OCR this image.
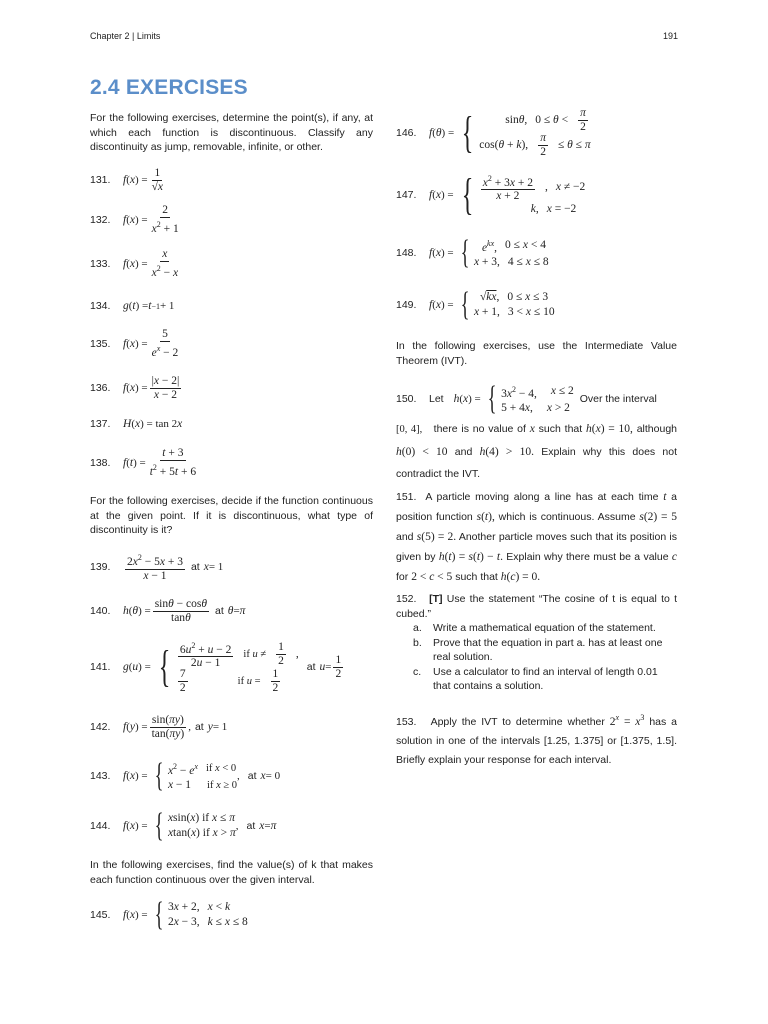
Chapter 2 | Limits	191
2.4 EXERCISES
For the following exercises, determine the point(s), if any, at which each function is discontinuous. Classify any discontinuity as jump, removable, infinite, or other.
131.	f ( x ) = $\frac{1}{√x}$
132.	f ( x ) = $\frac{2}{x^2 + 1}$
133.	f ( x ) = $\frac{x}{x^2 - x}$
134.	g ( t ) = t −1 + 1
135.	f ( x ) = $\frac{5}{e^x - 2}$
136.	f ( x ) = $\frac{|x - 2|}{x - 2}$
137.	H ( x ) = tan 2 x
138.	f ( t ) = $\frac{t + 3}{t^2 + 5t + 6}$
For the following exercises, decide if the function continuous at the given point. If it is discontinuous, what type of discontinuity is it?
139.	$\frac{2x^2 - 5x + 3}{x - 1}$ at x = 1
140.	h ( θ ) = $\frac{\sin\theta - \cos\theta}{\tan\theta}$ at θ = π
141.	g ( u ) = { $\frac{6u^2 + u - 2}{2u - 1}$ if $u \ne \frac{1}{2}$ ,
$\frac{7}{2}$	if $u = \frac{1}{2}$
at $u = \frac{1}{2}$
142.	f ( y ) = $\frac{\sin(\pi y)}{\tan(\pi y)}$ , at y = 1
143.	f ( x ) = { $x^2 - e^x$ if x < 0
x − 1 if x ≥ 0
, at x = 0
144.	f ( x ) = { xsin(x) if x ≤ π
xtan(x) if x > π
, at x = π
In the following exercises, find the value(s) of k that makes each function continuous over the given interval.
145.	f ( x ) = { 3x + 2, x < k
2x − 3, k ≤ x ≤ 8
146.	f ( θ ) = {	sinθ, $0 \le \theta < \frac{\pi}{2}$
cos(θ + k), $\frac{\pi}{2} \le \theta \le \pi$
147.	f ( x ) = { $\frac{x^2 + 3x + 2}{x + 2}$ , x ≠ −2
k, x = −2
148.	f ( x ) = { $e^{kx}$, 0 ≤ x < 4
x + 3, 4 ≤ x ≤ 8
149.	f ( x ) = { √kx, 0 ≤ x ≤ 3
x + 1, 3 < x ≤ 10
In the following exercises, use the Intermediate Value Theorem (IVT).
150.	Let h ( x ) = { $3x^2 - 4$, x ≤ 2
5 + 4x, x > 2
Over the interval
[0, 4], there is no value of x such that h(x) = 10, although h(0) < 10 and h(4) > 10. Explain why this does not contradict the IVT.
151. A particle moving along a line has at each time t a position function s(t), which is continuous. Assume s(2) = 5 and s(5) = 2. Another particle moves such that its position is given by h(t) = s(t) − t. Explain why there must be a value c for 2 < c < 5 such that h(c) = 0.
152. [T] Use the statement “The cosine of t is equal to t cubed.”
a.	Write a mathematical equation of the statement.
b.	Prove that the equation in part a. has at least one real solution.
c.	Use a calculator to find an interval of length 0.01 that contains a solution.
153. Apply the IVT to determine whether $2^x = x^3$ has a solution in one of the intervals [1.25, 1.375] or [1.375, 1.5]. Briefly explain your response for each interval.
